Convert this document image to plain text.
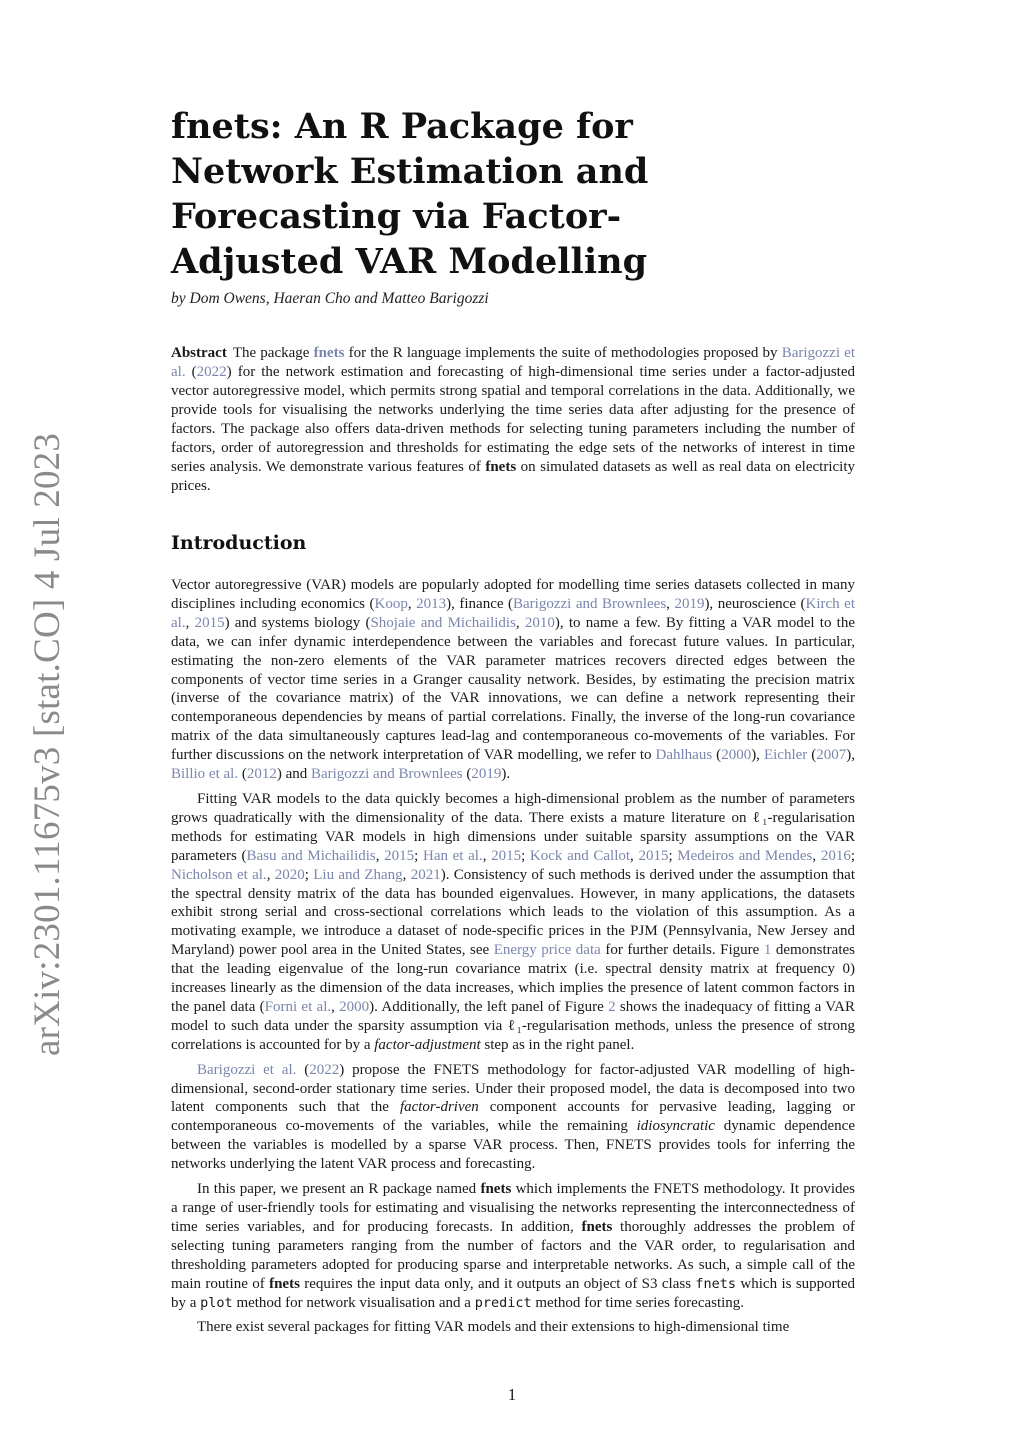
arXiv:2301.11675v3 [stat.CO] 4 Jul 2023
fnets: An R Package for Network Estimation and Forecasting via Factor-Adjusted VAR Modelling
by Dom Owens, Haeran Cho and Matteo Barigozzi
Abstract The package fnets for the R language implements the suite of methodologies proposed by Barigozzi et al. (2022) for the network estimation and forecasting of high-dimensional time series under a factor-adjusted vector autoregressive model, which permits strong spatial and temporal correlations in the data. Additionally, we provide tools for visualising the networks underlying the time series data after adjusting for the presence of factors. The package also offers data-driven methods for selecting tuning parameters including the number of factors, order of autoregression and thresholds for estimating the edge sets of the networks of interest in time series analysis. We demonstrate various features of fnets on simulated datasets as well as real data on electricity prices.
Introduction

Vector autoregressive (VAR) models are popularly adopted for modelling time series datasets collected in many disciplines including economics (Koop, 2013), finance (Barigozzi and Brownlees, 2019), neuroscience (Kirch et al., 2015) and systems biology (Shojaie and Michailidis, 2010), to name a few. By fitting a VAR model to the data, we can infer dynamic interdependence between the variables and forecast future values. In particular, estimating the non-zero elements of the VAR parameter matrices recovers directed edges between the components of vector time series in a Granger causality network. Besides, by estimating the precision matrix (inverse of the covariance matrix) of the VAR innovations, we can define a network representing their contemporaneous dependencies by means of partial correlations. Finally, the inverse of the long-run covariance matrix of the data simultaneously captures lead-lag and contemporaneous co-movements of the variables. For further discussions on the network interpretation of VAR modelling, we refer to Dahlhaus (2000), Eichler (2007), Billio et al. (2012) and Barigozzi and Brownlees (2019).

Fitting VAR models to the data quickly becomes a high-dimensional problem as the number of parameters grows quadratically with the dimensionality of the data. There exists a mature literature on ℓ₁-regularisation methods for estimating VAR models in high dimensions under suitable sparsity assumptions on the VAR parameters (Basu and Michailidis, 2015; Han et al., 2015; Kock and Callot, 2015; Medeiros and Mendes, 2016; Nicholson et al., 2020; Liu and Zhang, 2021). Consistency of such methods is derived under the assumption that the spectral density matrix of the data has bounded eigenvalues. However, in many applications, the datasets exhibit strong serial and cross-sectional correlations which leads to the violation of this assumption. As a motivating example, we introduce a dataset of node-specific prices in the PJM (Pennsylvania, New Jersey and Maryland) power pool area in the United States, see Energy price data for further details. Figure 1 demonstrates that the leading eigenvalue of the long-run covariance matrix (i.e. spectral density matrix at frequency 0) increases linearly as the dimension of the data increases, which implies the presence of latent common factors in the panel data (Forni et al., 2000). Additionally, the left panel of Figure 2 shows the inadequacy of fitting a VAR model to such data under the sparsity assumption via ℓ₁-regularisation methods, unless the presence of strong correlations is accounted for by a factor-adjustment step as in the right panel.

Barigozzi et al. (2022) propose the FNETS methodology for factor-adjusted VAR modelling of high-dimensional, second-order stationary time series. Under their proposed model, the data is decomposed into two latent components such that the factor-driven component accounts for pervasive leading, lagging or contemporaneous co-movements of the variables, while the remaining idiosyncratic dynamic dependence between the variables is modelled by a sparse VAR process. Then, FNETS provides tools for inferring the networks underlying the latent VAR process and forecasting.

In this paper, we present an R package named fnets which implements the FNETS methodology. It provides a range of user-friendly tools for estimating and visualising the networks representing the interconnectedness of time series variables, and for producing forecasts. In addition, fnets thoroughly addresses the problem of selecting tuning parameters ranging from the number of factors and the VAR order, to regularisation and thresholding parameters adopted for producing sparse and interpretable networks. As such, a simple call of the main routine of fnets requires the input data only, and it outputs an object of S3 class fnets which is supported by a plot method for network visualisation and a predict method for time series forecasting.

There exist several packages for fitting VAR models and their extensions to high-dimensional time

1
